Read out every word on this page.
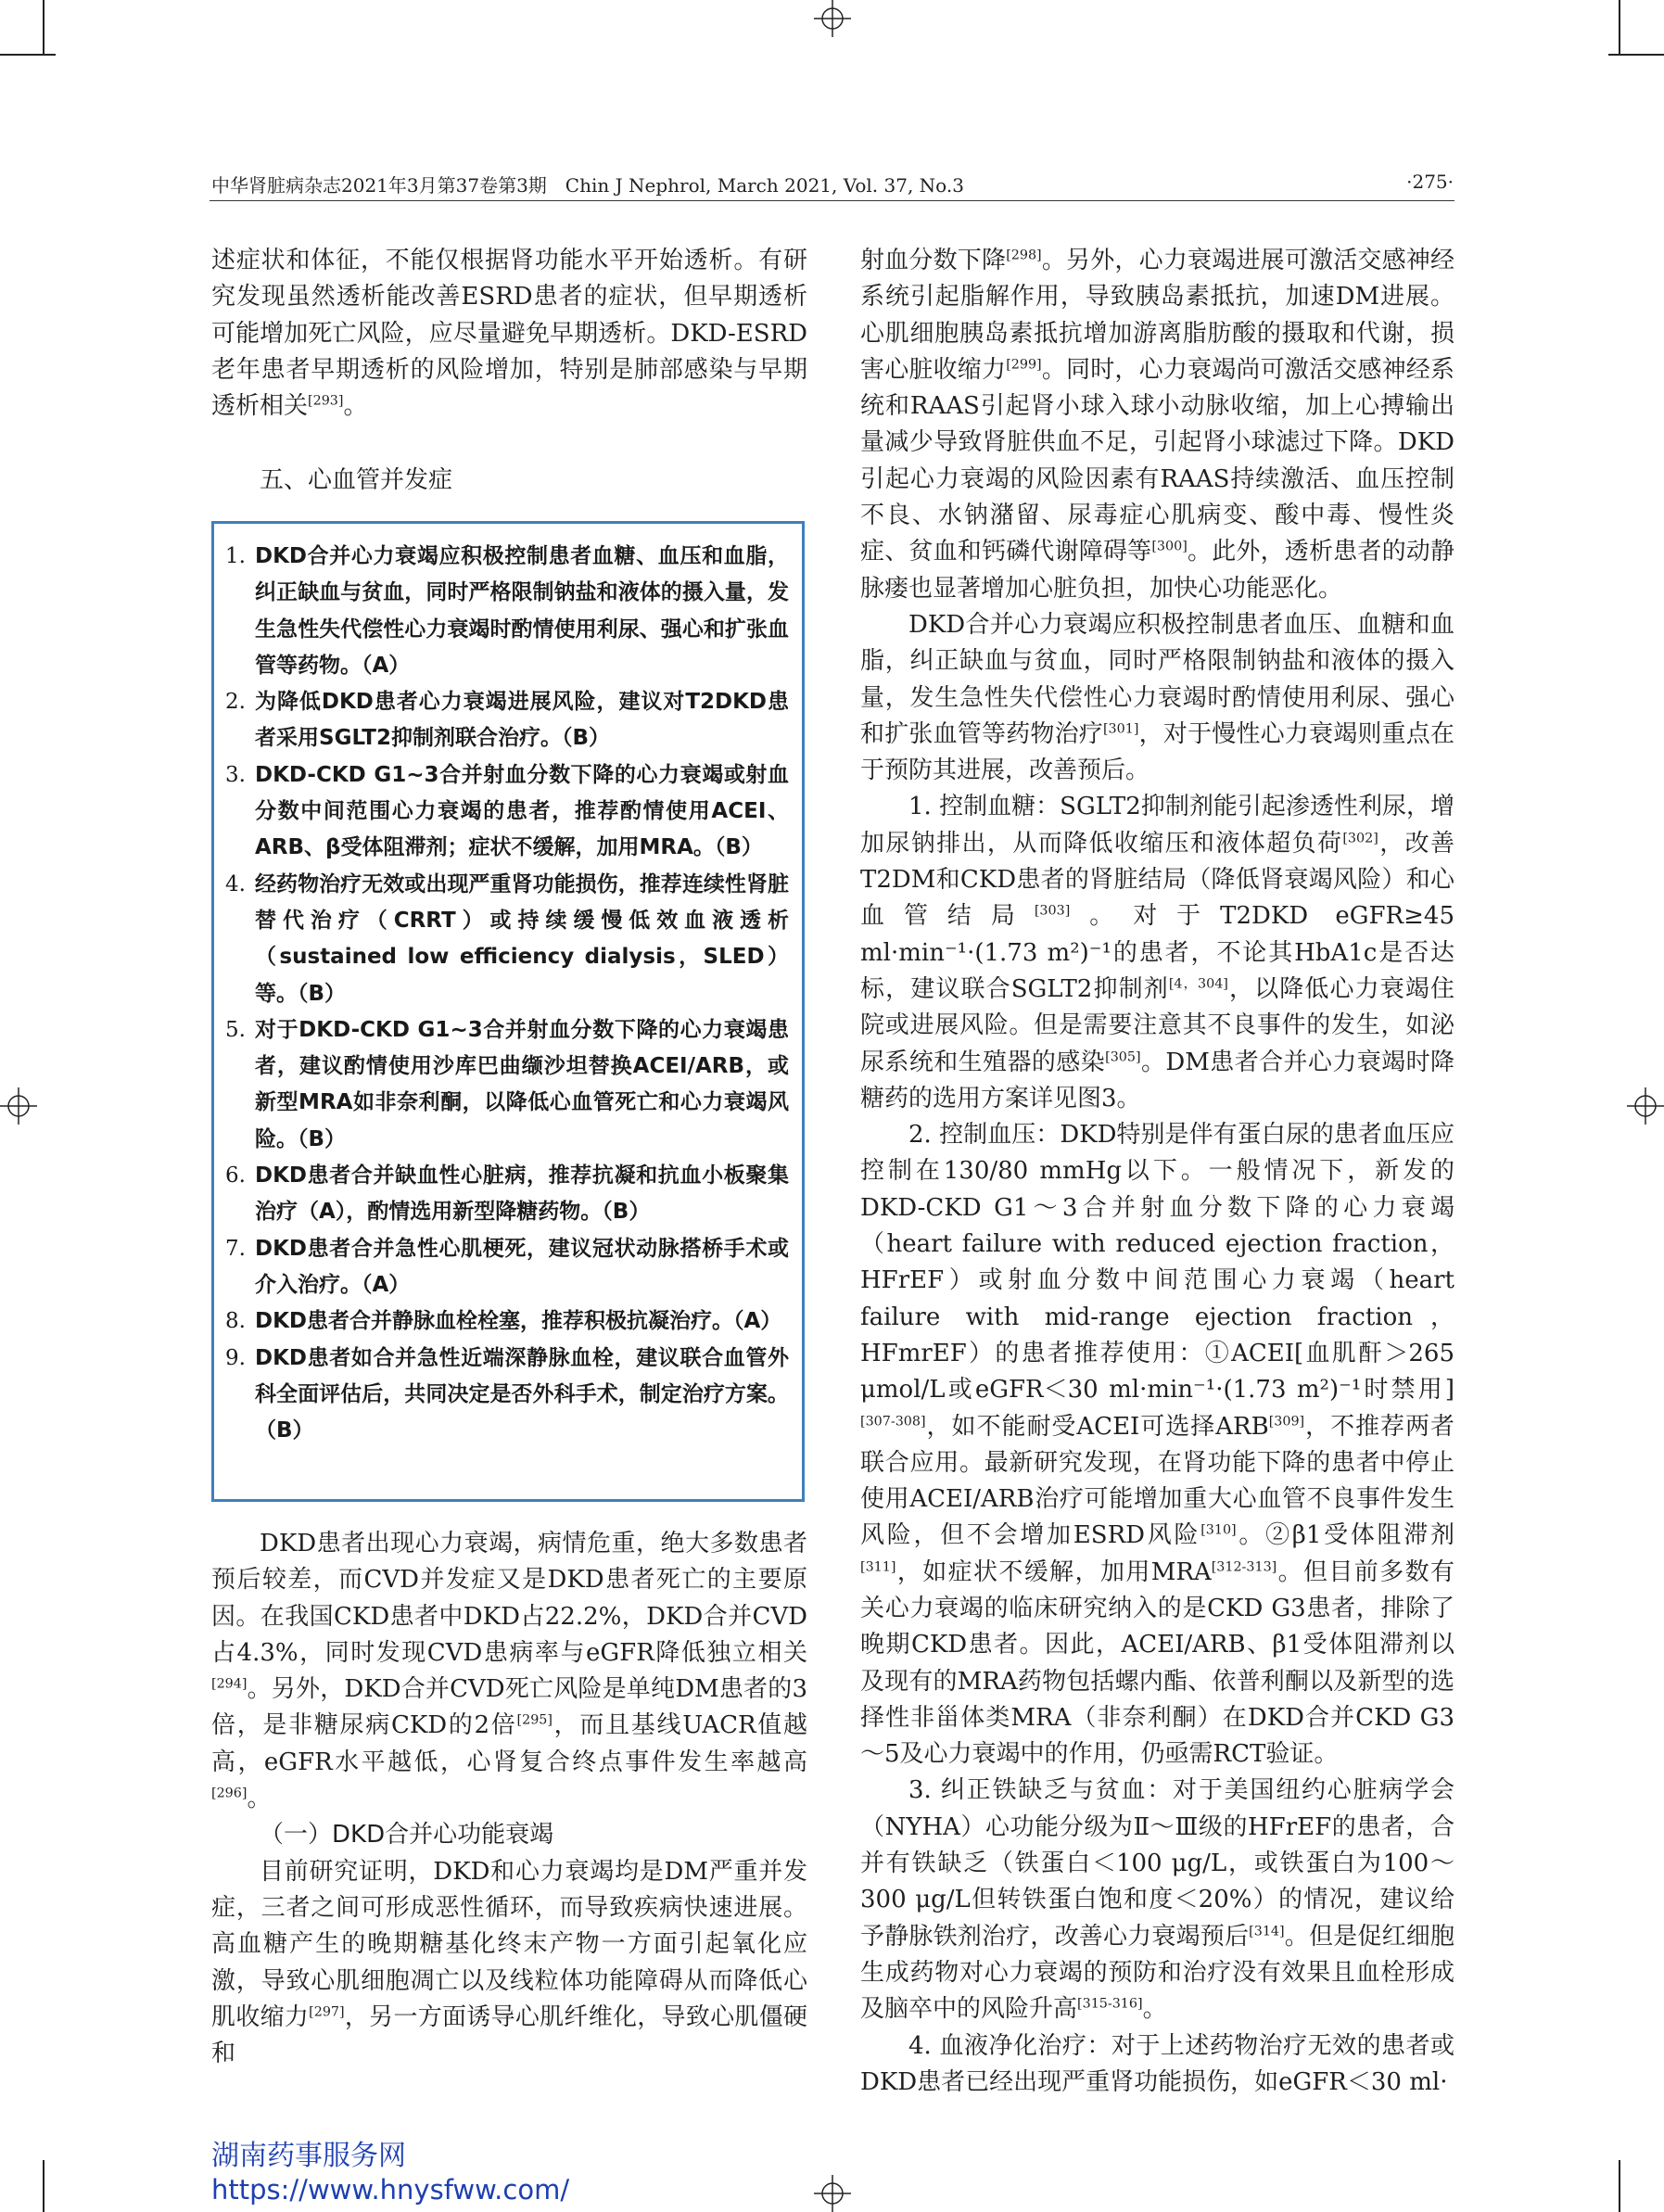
中华肾脏病杂志2021年3月第37卷第3期　Chin J Nephrol, March 2021, Vol. 37, No.3	·275·

述症状和体征，不能仅根据肾功能水平开始透析。有研究发现虽然透析能改善ESRD患者的症状，但早期透析可能增加死亡风险，应尽量避免早期透析。DKD-ESRD老年患者早期透析的风险增加，特别是肺部感染与早期透析相关[293]。

五、心血管并发症
1. DKD合并心力衰竭应积极控制患者血糖、血压和血脂，纠正缺血与贫血，同时严格限制钠盐和液体的摄入量，发生急性失代偿性心力衰竭时酌情使用利尿、强心和扩张血管等药物。（A）
2. 为降低DKD患者心力衰竭进展风险，建议对T2DKD患者采用SGLT2抑制剂联合治疗。（B）
3. DKD-CKD G1~3合并射血分数下降的心力衰竭或射血分数中间范围心力衰竭的患者，推荐酌情使用ACEI、ARB、β受体阻滞剂；症状不缓解，加用MRA。（B）
4. 经药物治疗无效或出现严重肾功能损伤，推荐连续性肾脏替代治疗（CRRT）或持续缓慢低效血液透析（sustained low efficiency dialysis，SLED）等。（B）
5. 对于DKD-CKD G1~3合并射血分数下降的心力衰竭患者，建议酌情使用沙库巴曲缬沙坦替换ACEI/ARB，或新型MRA如非奈利酮，以降低心血管死亡和心力衰竭风险。（B）
6. DKD患者合并缺血性心脏病，推荐抗凝和抗血小板聚集治疗（A），酌情选用新型降糖药物。（B）
7. DKD患者合并急性心肌梗死，建议冠状动脉搭桥手术或介入治疗。（A）
8. DKD患者合并静脉血栓栓塞，推荐积极抗凝治疗。（A）
9. DKD患者如合并急性近端深静脉血栓，建议联合血管外科全面评估后，共同决定是否外科手术，制定治疗方案。（B）

DKD患者出现心力衰竭，病情危重，绝大多数患者预后较差，而CVD并发症又是DKD患者死亡的主要原因。在我国CKD患者中DKD占22.2%，DKD合并CVD占4.3%，同时发现CVD患病率与eGFR降低独立相关[294]。另外，DKD合并CVD死亡风险是单纯DM患者的3倍，是非糖尿病CKD的2倍[295]，而且基线UACR值越高，eGFR水平越低，心肾复合终点事件发生率越高[296]。

（一）DKD合并心功能衰竭

目前研究证明，DKD和心力衰竭均是DM严重并发症，三者之间可形成恶性循环，而导致疾病快速进展。高血糖产生的晚期糖基化终末产物一方面引起氧化应激，导致心肌细胞凋亡以及线粒体功能障碍从而降低心肌收缩力[297]，另一方面诱导心肌纤维化，导致心肌僵硬和

射血分数下降[298]。另外，心力衰竭进展可激活交感神经系统引起脂解作用，导致胰岛素抵抗，加速DM进展。心肌细胞胰岛素抵抗增加游离脂肪酸的摄取和代谢，损害心脏收缩力[299]。同时，心力衰竭尚可激活交感神经系统和RAAS引起肾小球入球小动脉收缩，加上心搏输出量减少导致肾脏供血不足，引起肾小球滤过下降。DKD引起心力衰竭的风险因素有RAAS持续激活、血压控制不良、水钠潴留、尿毒症心肌病变、酸中毒、慢性炎症、贫血和钙磷代谢障碍等[300]。此外，透析患者的动静脉瘘也显著增加心脏负担，加快心功能恶化。

DKD合并心力衰竭应积极控制患者血压、血糖和血脂，纠正缺血与贫血，同时严格限制钠盐和液体的摄入量，发生急性失代偿性心力衰竭时酌情使用利尿、强心和扩张血管等药物治疗[301]，对于慢性心力衰竭则重点在于预防其进展，改善预后。

1. 控制血糖：SGLT2抑制剂能引起渗透性利尿，增加尿钠排出，从而降低收缩压和液体超负荷[302]，改善T2DM和CKD患者的肾脏结局（降低肾衰竭风险）和心血管结局[303]。对于T2DKD eGFR≥45 ml·min⁻¹·(1.73 m²)⁻¹的患者，不论其HbA1c是否达标，建议联合SGLT2抑制剂[4，304]，以降低心力衰竭住院或进展风险。但是需要注意其不良事件的发生，如泌尿系统和生殖器的感染[305]。DM患者合并心力衰竭时降糖药的选用方案详见图3。

2. 控制血压：DKD特别是伴有蛋白尿的患者血压应控制在130/80 mmHg以下。一般情况下，新发的DKD-CKD G1～3合并射血分数下降的心力衰竭（heart failure with reduced ejection fraction，HFrEF）或射血分数中间范围心力衰竭（heart failure with mid-range ejection fraction，HFmrEF）的患者推荐使用：①ACEI[血肌酐＞265 μmol/L或eGFR＜30 ml·min⁻¹·(1.73 m²)⁻¹时禁用][307-308]，如不能耐受ACEI可选择ARB[309]，不推荐两者联合应用。最新研究发现，在肾功能下降的患者中停止使用ACEI/ARB治疗可能增加重大心血管不良事件发生风险，但不会增加ESRD风险[310]。②β1受体阻滞剂[311]，如症状不缓解，加用MRA[312-313]。但目前多数有关心力衰竭的临床研究纳入的是CKD G3患者，排除了晚期CKD患者。因此，ACEI/ARB、β1受体阻滞剂以及现有的MRA药物包括螺内酯、依普利酮以及新型的选择性非甾体类MRA（非奈利酮）在DKD合并CKD G3～5及心力衰竭中的作用，仍亟需RCT验证。

3. 纠正铁缺乏与贫血：对于美国纽约心脏病学会（NYHA）心功能分级为Ⅱ～Ⅲ级的HFrEF的患者，合并有铁缺乏（铁蛋白＜100 μg/L，或铁蛋白为100～300 μg/L但转铁蛋白饱和度＜20%）的情况，建议给予静脉铁剂治疗，改善心力衰竭预后[314]。但是促红细胞生成药物对心力衰竭的预防和治疗没有效果且血栓形成及脑卒中的风险升高[315-316]。

4. 血液净化治疗：对于上述药物治疗无效的患者或DKD患者已经出现严重肾功能损伤，如eGFR＜30 ml·

湖南药事服务网
https://www.hnysfww.com/
